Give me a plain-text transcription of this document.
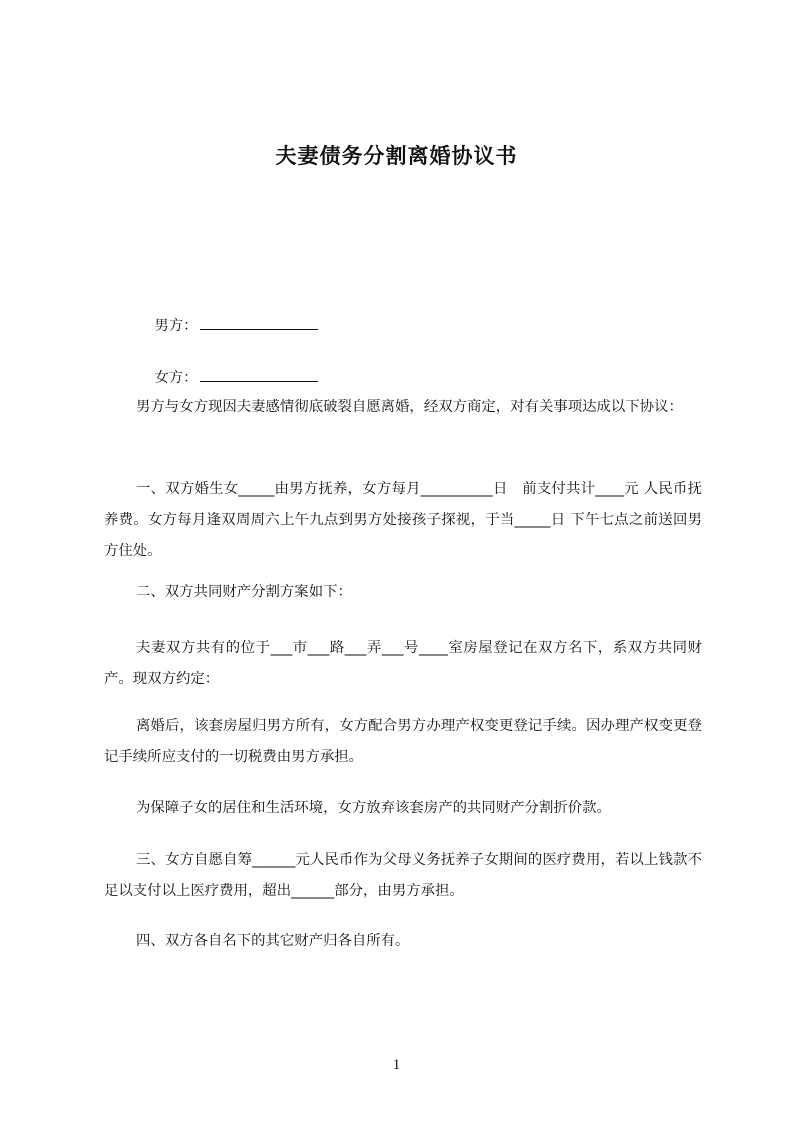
夫妻债务分割离婚协议书

男方：

女方：

男方与女方现因夫妻感情彻底破裂自愿离婚，经双方商定，对有关事项达成以下协议：

一、双方婚生女_____由男方抚养，女方每月__________日　前支付共计____元 人民币抚养费。女方每月逢双周周六上午九点到男方处接孩子探视，于当_____日 下午七点之前送回男方住处。

二、双方共同财产分割方案如下：

夫妻双方共有的位于___市___路___弄___号____室房屋登记在双方名下，系双方共同财产。现双方约定：

离婚后，该套房屋归男方所有，女方配合男方办理产权变更登记手续。因办理产权变更登记手续所应支付的一切税费由男方承担。

为保障子女的居住和生活环境，女方放弃该套房产的共同财产分割折价款。

三、女方自愿自筹______元人民币作为父母义务抚养子女期间的医疗费用，若以上钱款不足以支付以上医疗费用，超出______部分，由男方承担。

四、双方各自名下的其它财产归各自所有。

1
